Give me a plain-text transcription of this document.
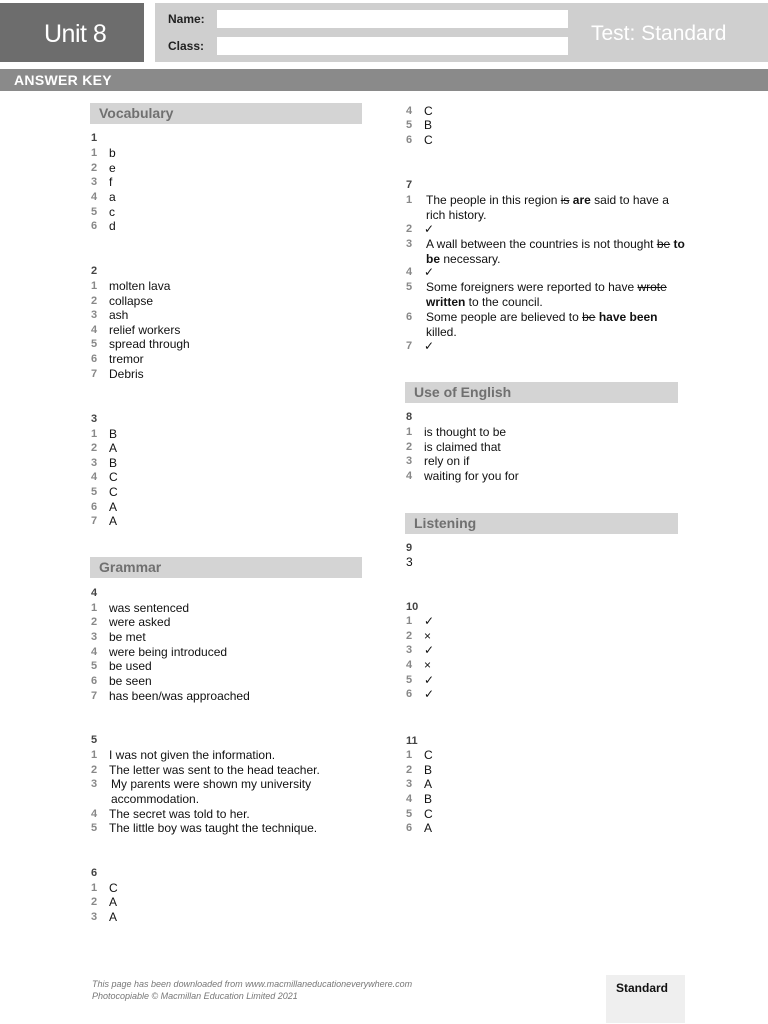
Unit 8
Name:
Class:
Test: Standard
ANSWER KEY
Vocabulary
Grammar
Use of English
Listening
1
2
3
4
5
6
7
8
9
10
11
1 b
2 e
3 f
4 a
5 c
6 d
1 molten lava
2 collapse
3 ash
4 relief workers
5 spread through
6 tremor
7 Debris
1 B
2 A
3 B
4 C
5 C
6 A
7 A
1 was sentenced
2 were asked
3 be met
4 were being introduced
5 be used
6 be seen
7 has been/was approached
1 I was not given the information.
2 The letter was sent to the head teacher.
3 My parents were shown my university accommodation.
4 The secret was told to her.
5 The little boy was taught the technique.
1 C
2 A
3 A
4 C
5 B
6 C
1 The people in this region is are said to have a rich history.
2 ✓
3 A wall between the countries is not thought be to be necessary.
4 ✓
5 Some foreigners were reported to have wrote written to the council.
6 Some people are believed to be have been killed.
7 ✓
1 is thought to be
2 is claimed that
3 rely on if
4 waiting for you for
3
1 ✓
2 ×
3 ✓
4 ×
5 ✓
6 ✓
1 C
2 B
3 A
4 B
5 C
6 A
This page has been downloaded from www.macmillaneducationeverywhere.com
Photocopiable © Macmillan Education Limited 2021
Standard
